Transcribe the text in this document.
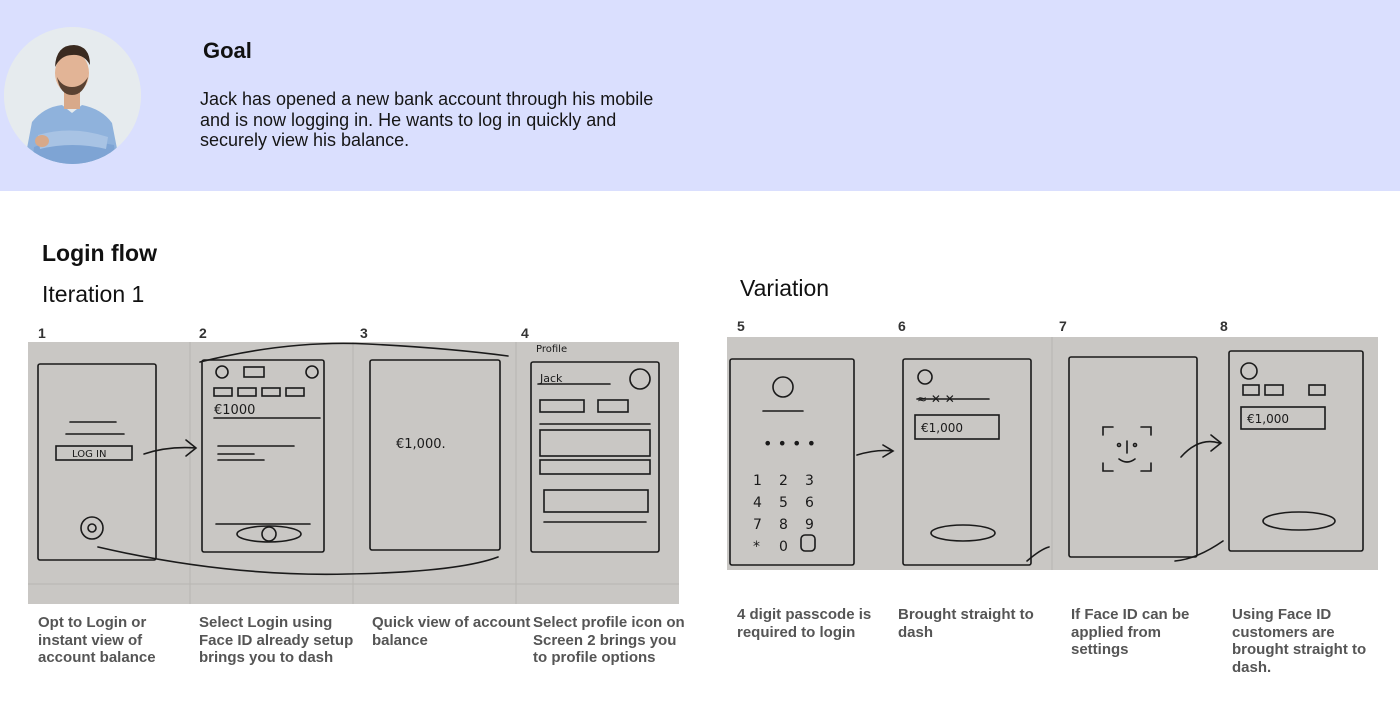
Goal
Jack has opened a new bank account through his mobile and is now logging in. He wants to log in quickly and securely view his balance.
Login flow
Iteration 1	Variation
1	2	3	4	5	6	7	8
LOG IN
€1000
€1,000.
Profile
Jack
• • • •
1 2 3
4 5 6
7 8 9
* 0
≈ ✕ ✕
€1,000
€1,000
Opt to Login or instant view of account balance
Select Login using Face ID already setup brings you to dash
Quick view of account balance
Select profile icon on Screen 2 brings you to profile options
4 digit passcode is required to login
Brought straight to dash
If Face ID can be applied from settings
Using Face ID customers are brought straight to dash.
